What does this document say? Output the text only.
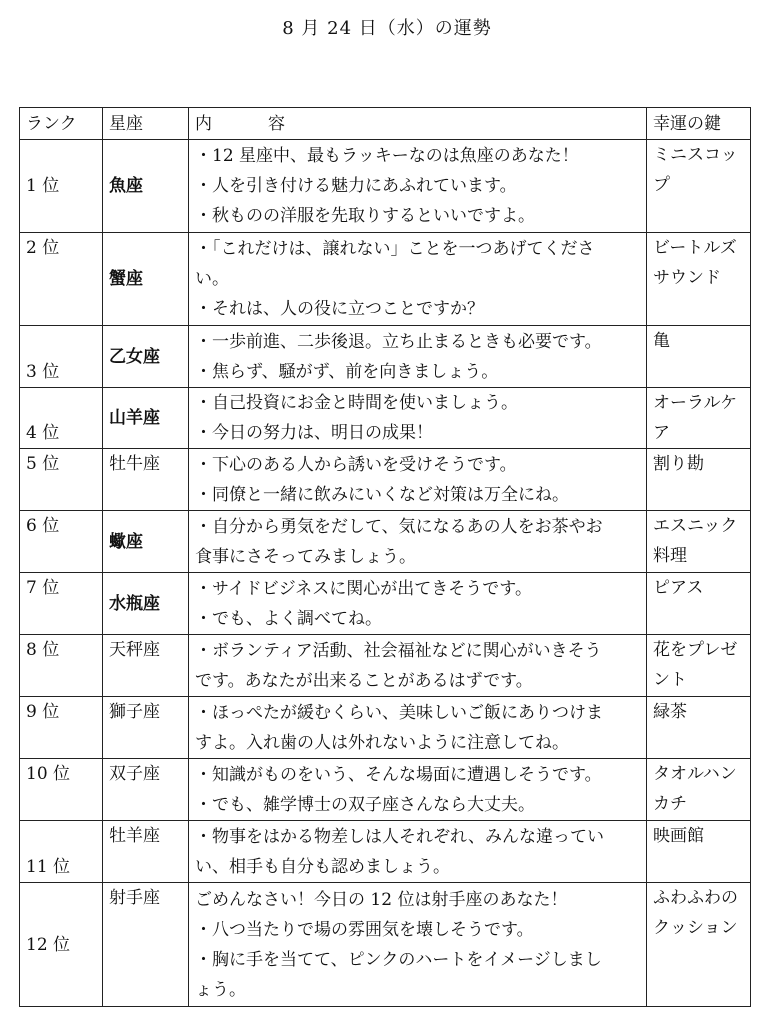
8 月 24 日（水）の運勢
ランク	星座	内容	幸運の鍵
1 位	魚座	・12 星座中、最もラッキーなのは魚座のあなた！
・人を引き付ける魅力にあふれています。
・秋ものの洋服を先取りするといいですよ。	ミニスコッ
プ

2 位	蟹座	・「これだけは、譲れない」ことを一つあげてくださ
い。
・それは、人の役に立つことですか？	ビートルズ
サウンド

3 位	乙女座	・一歩前進、二歩後退。立ち止まるときも必要です。
・焦らず、騒がず、前を向きましょう。	亀

4 位	山羊座	・自己投資にお金と時間を使いましょう。
・今日の努力は、明日の成果！	オーラルケ
ア

5 位	牡牛座	・下心のある人から誘いを受けそうです。
・同僚と一緒に飲みにいくなど対策は万全にね。	割り勘

6 位	蠍座	・自分から勇気をだして、気になるあの人をお茶やお
食事にさそってみましょう。	エスニック
料理

7 位	水瓶座	・サイドビジネスに関心が出てきそうです。
・でも、よく調べてね。	ピアス

8 位	天秤座	・ボランティア活動、社会福祉などに関心がいきそう
です。あなたが出来ることがあるはずです。	花をプレゼ
ント

9 位	獅子座	・ほっぺたが緩むくらい、美味しいご飯にありつけま
すよ。入れ歯の人は外れないように注意してね。	緑茶

10 位	双子座	・知識がものをいう、そんな場面に遭遇しそうです。
・でも、雑学博士の双子座さんなら大丈夫。	タオルハン
カチ

11 位	牡羊座	・物事をはかる物差しは人それぞれ、みんな違ってい
い、相手も自分も認めましょう。	映画館

12 位	射手座	ごめんなさい！今日の 12 位は射手座のあなた！
・八つ当たりで場の雰囲気を壊しそうです。
・胸に手を当てて、ピンクのハートをイメージしまし
ょう。	ふわふわの
クッション
